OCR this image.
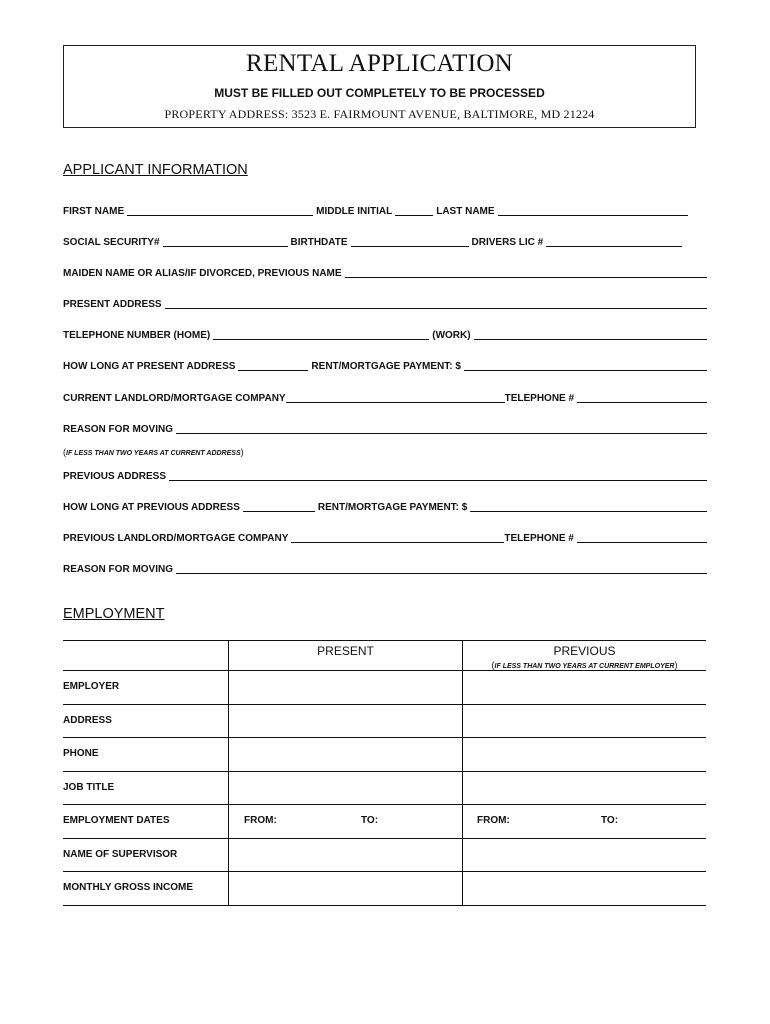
RENTAL APPLICATION
MUST BE FILLED OUT COMPLETELY TO BE PROCESSED
PROPERTY ADDRESS: 3523 E. FAIRMOUNT AVENUE, BALTIMORE, MD 21224
APPLICANT INFORMATION
FIRST NAME	MIDDLE INITIAL	LAST NAME
SOCIAL SECURITY#	BIRTHDATE	DRIVERS LIC #
MAIDEN NAME OR ALIAS/IF DIVORCED, PREVIOUS NAME
PRESENT ADDRESS
TELEPHONE NUMBER (HOME)	(WORK)
HOW LONG AT PRESENT ADDRESS	RENT/MORTGAGE PAYMENT: $
CURRENT LANDLORD/MORTGAGE COMPANY	TELEPHONE #
REASON FOR MOVING
(IF LESS THAN TWO YEARS AT CURRENT ADDRESS)
PREVIOUS ADDRESS
HOW LONG AT PREVIOUS ADDRESS	RENT/MORTGAGE PAYMENT: $
PREVIOUS LANDLORD/MORTGAGE COMPANY	TELEPHONE #
REASON FOR MOVING
EMPLOYMENT
PRESENT	PREVIOUS
(IF LESS THAN TWO YEARS AT CURRENT EMPLOYER)
EMPLOYER
ADDRESS
PHONE
JOB TITLE
EMPLOYMENT DATES	FROM:	TO:	FROM:	TO:
NAME OF SUPERVISOR
MONTHLY GROSS INCOME
